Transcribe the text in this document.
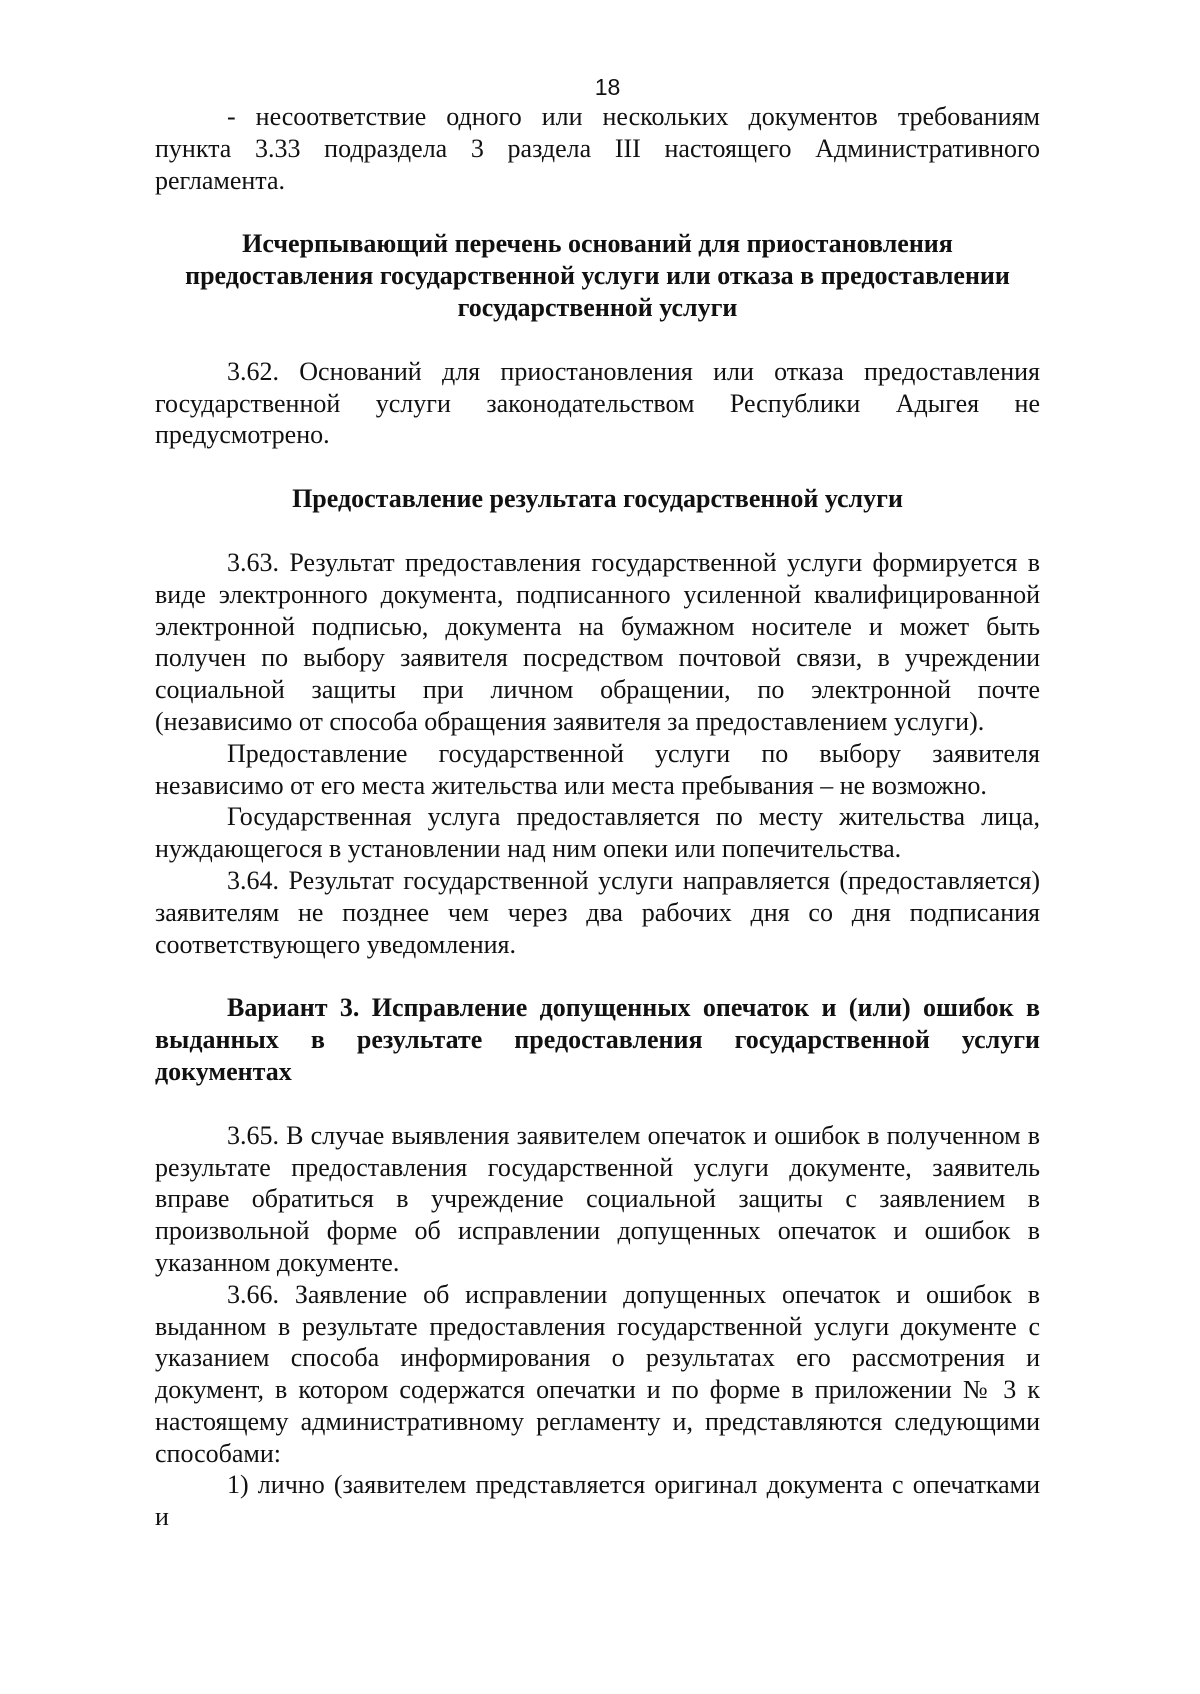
18

- несоответствие одного или нескольких документов требованиям пункта 3.33 подраздела 3 раздела III настоящего Административного регламента.

Исчерпывающий перечень оснований для приостановления
предоставления государственной услуги или отказа в предоставлении
государственной услуги

3.62. Оснований для приостановления или отказа предоставления государственной услуги законодательством Республики Адыгея не предусмотрено.

Предоставление результата государственной услуги

3.63. Результат предоставления государственной услуги формируется в виде электронного документа, подписанного усиленной квалифицированной электронной подписью, документа на бумажном носителе и может быть получен по выбору заявителя посредством почтовой связи, в учреждении социальной защиты при личном обращении, по электронной почте (независимо от способа обращения заявителя за предоставлением услуги).

Предоставление государственной услуги по выбору заявителя независимо от его места жительства или места пребывания – не возможно.

Государственная услуга предоставляется по месту жительства лица, нуждающегося в установлении над ним опеки или попечительства.

3.64. Результат государственной услуги направляется (предоставляется) заявителям не позднее чем через два рабочих дня со дня подписания соответствующего уведомления.

Вариант 3. Исправление допущенных опечаток и (или) ошибок в выданных в результате предоставления государственной услуги документах

3.65. В случае выявления заявителем опечаток и ошибок в полученном в результате предоставления государственной услуги документе, заявитель вправе обратиться в учреждение социальной защиты с заявлением в произвольной форме об исправлении допущенных опечаток и ошибок в указанном документе.

3.66. Заявление об исправлении допущенных опечаток и ошибок в выданном в результате предоставления государственной услуги документе с указанием способа информирования о результатах его рассмотрения и документ, в котором содержатся опечатки и по форме в приложении № 3 к настоящему административному регламенту и, представляются следующими способами:

1) лично (заявителем представляется оригинал документа с опечатками и
